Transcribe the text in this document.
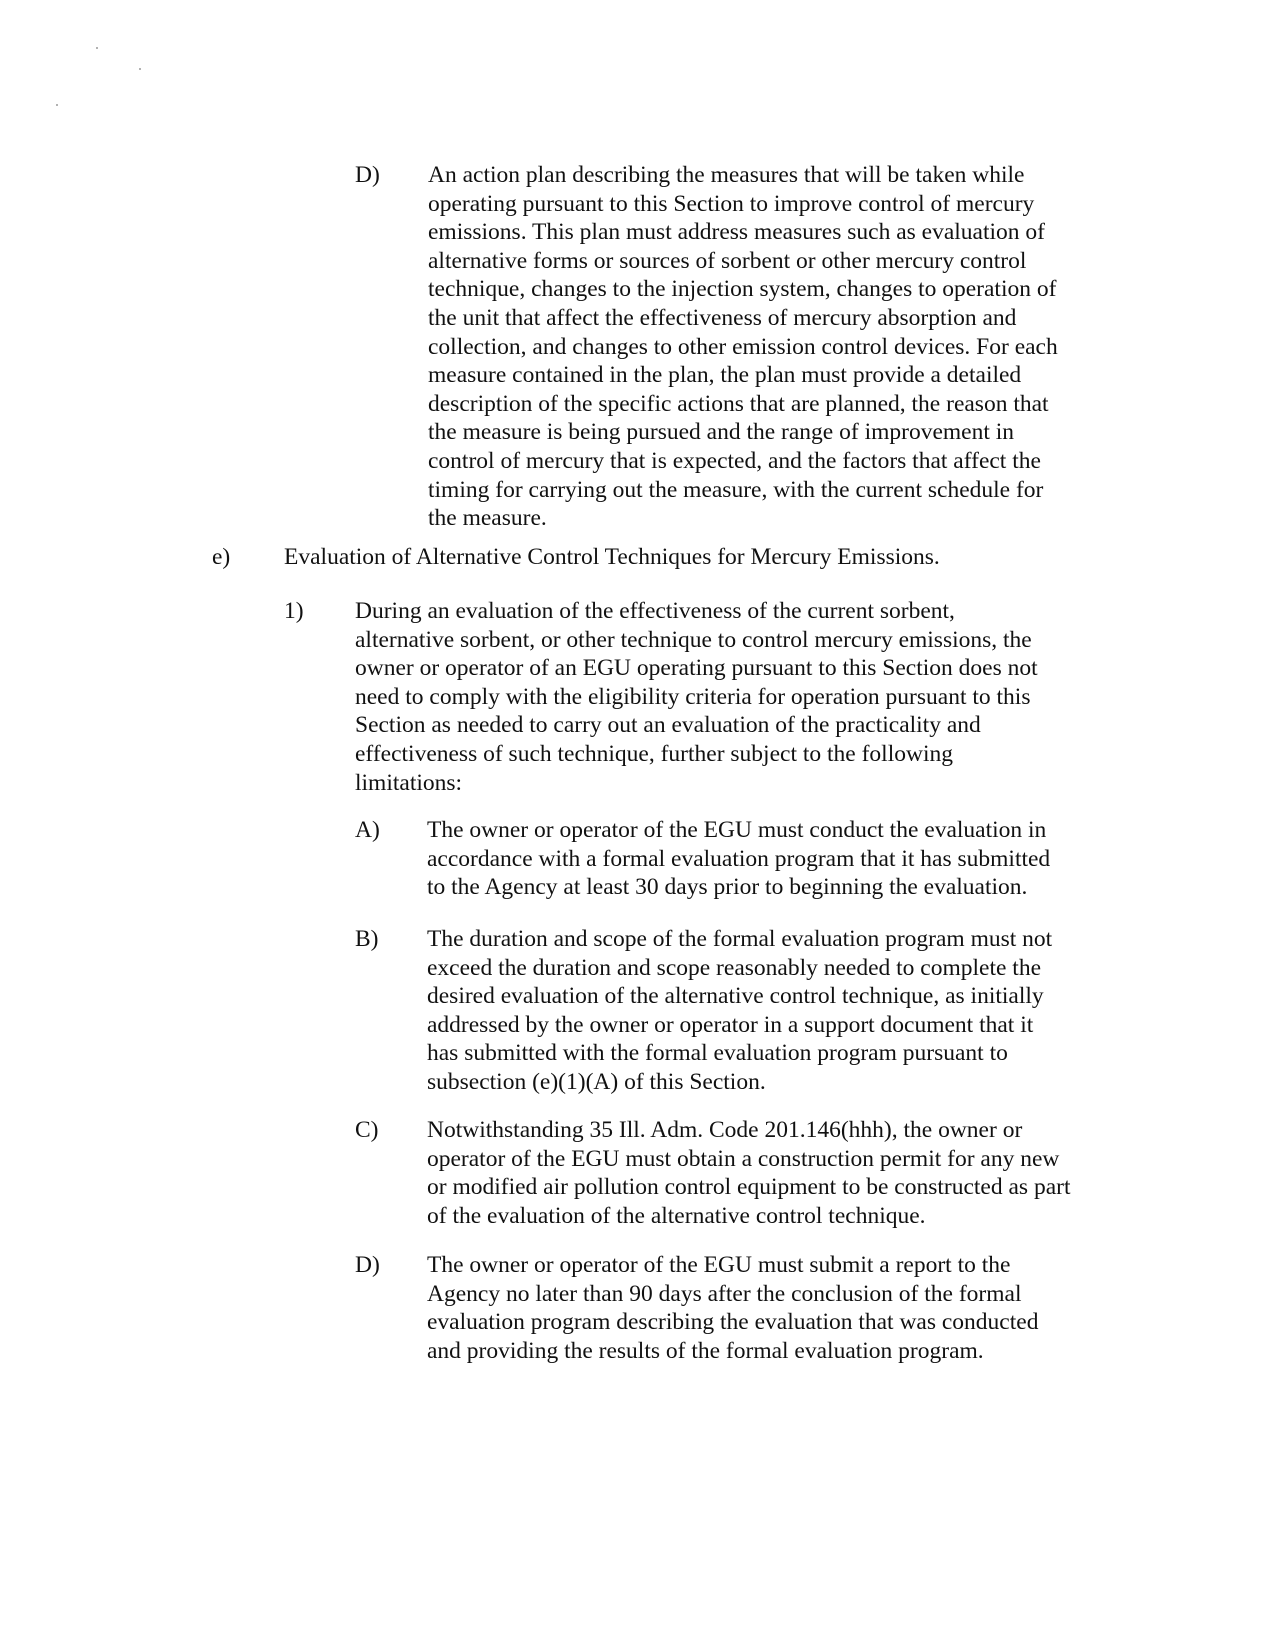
D) An action plan describing the measures that will be taken while operating pursuant to this Section to improve control of mercury emissions. This plan must address measures such as evaluation of alternative forms or sources of sorbent or other mercury control technique, changes to the injection system, changes to operation of the unit that affect the effectiveness of mercury absorption and collection, and changes to other emission control devices. For each measure contained in the plan, the plan must provide a detailed description of the specific actions that are planned, the reason that the measure is being pursued and the range of improvement in control of mercury that is expected, and the factors that affect the timing for carrying out the measure, with the current schedule for the measure.
e) Evaluation of Alternative Control Techniques for Mercury Emissions.
1) During an evaluation of the effectiveness of the current sorbent, alternative sorbent, or other technique to control mercury emissions, the owner or operator of an EGU operating pursuant to this Section does not need to comply with the eligibility criteria for operation pursuant to this Section as needed to carry out an evaluation of the practicality and effectiveness of such technique, further subject to the following limitations:
A) The owner or operator of the EGU must conduct the evaluation in accordance with a formal evaluation program that it has submitted to the Agency at least 30 days prior to beginning the evaluation.
B) The duration and scope of the formal evaluation program must not exceed the duration and scope reasonably needed to complete the desired evaluation of the alternative control technique, as initially addressed by the owner or operator in a support document that it has submitted with the formal evaluation program pursuant to subsection (e)(1)(A) of this Section.
C) Notwithstanding 35 Ill. Adm. Code 201.146(hhh), the owner or operator of the EGU must obtain a construction permit for any new or modified air pollution control equipment to be constructed as part of the evaluation of the alternative control technique.
D) The owner or operator of the EGU must submit a report to the Agency no later than 90 days after the conclusion of the formal evaluation program describing the evaluation that was conducted and providing the results of the formal evaluation program.
